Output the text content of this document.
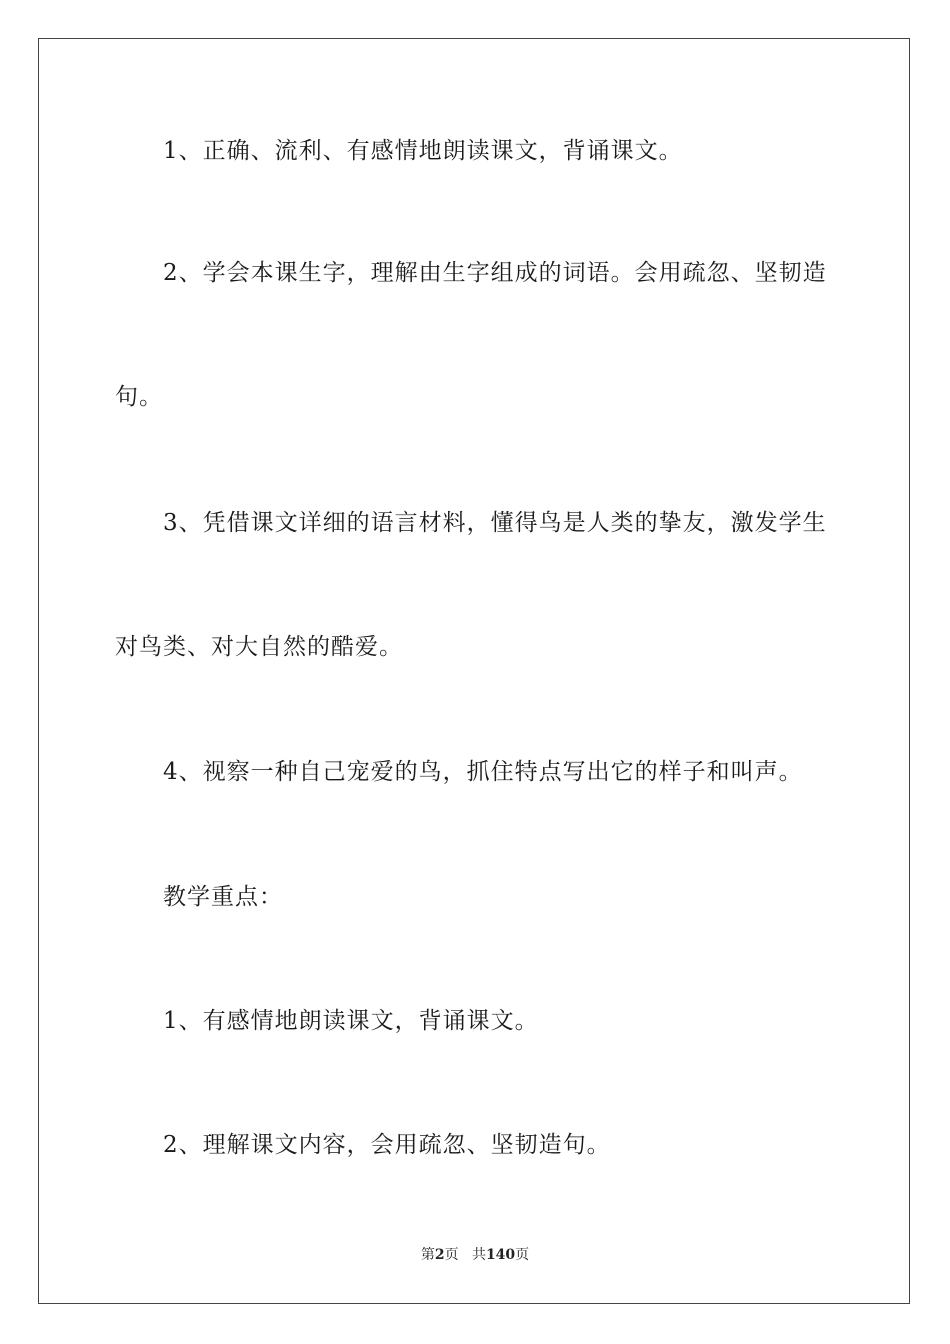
1、正确、流利、有感情地朗读课文，背诵课文。
2、学会本课生字，理解由生字组成的词语。会用疏忽、坚韧造
句。
3、凭借课文详细的语言材料，懂得鸟是人类的挚友，激发学生
对鸟类、对大自然的酷爱。
4、视察一种自己宠爱的鸟，抓住特点写出它的样子和叫声。
教学重点：
1、有感情地朗读课文，背诵课文。
2、理解课文内容，会用疏忽、坚韧造句。
第2页 共140页
